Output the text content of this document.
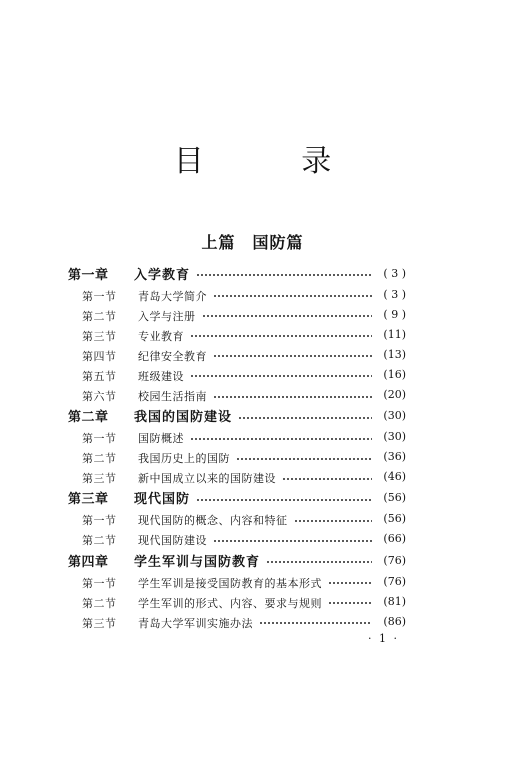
目 录
上篇　国防篇
第一章 入学教育	( 3 )
第一节 青岛大学简介	( 3 )
第二节 入学与注册	( 9 )
第三节 专业教育	(11)
第四节 纪律安全教育	(13)
第五节 班级建设	(16)
第六节 校园生活指南	(20)
第二章 我国的国防建设	(30)
第一节 国防概述	(30)
第二节 我国历史上的国防	(36)
第三节 新中国成立以来的国防建设	(46)
第三章 现代国防	(56)
第一节 现代国防的概念、内容和特征	(56)
第二节 现代国防建设	(66)
第四章 学生军训与国防教育	(76)
第一节 学生军训是接受国防教育的基本形式	(76)
第二节 学生军训的形式、内容、要求与规则	(81)
第三节 青岛大学军训实施办法	(86)
· 1 ·
